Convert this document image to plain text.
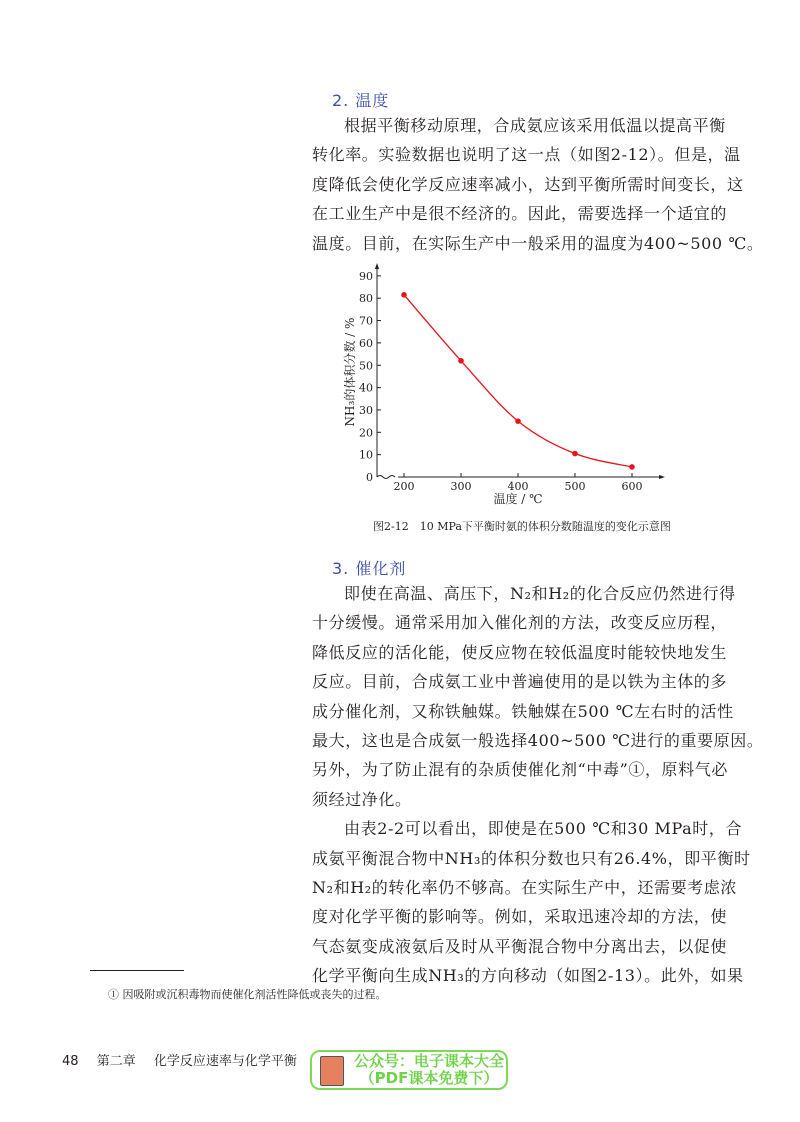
2. 温度

根据平衡移动原理，合成氨应该采用低温以提高平衡

转化率。实验数据也说明了这一点（如图2-12）。但是，温
度降低会使化学反应速率减小，达到平衡所需时间变长，这
在工业生产中是很不经济的。因此，需要选择一个适宜的
温度。目前，在实际生产中一般采用的温度为400~500 ℃。
0
10
20
30
40
50
60
70
80
90
200	300	400	500	600
NH₃的体积分数 / %
温度 / ℃
图2-12　10 MPa下平衡时氨的体积分数随温度的变化示意图
3. 催化剂

即使在高温、高压下，N₂和H₂的化合反应仍然进行得

十分缓慢。通常采用加入催化剂的方法，改变反应历程，
降低反应的活化能，使反应物在较低温度时能较快地发生
反应。目前，合成氨工业中普遍使用的是以铁为主体的多
成分催化剂，又称铁触媒。铁触媒在500 ℃左右时的活性
最大，这也是合成氨一般选择400~500 ℃进行的重要原因。
另外，为了防止混有的杂质使催化剂“中毒”①，原料气必
须经过净化。

由表2-2可以看出，即使是在500 ℃和30 MPa时，合

成氨平衡混合物中NH₃的体积分数也只有26.4%，即平衡时
N₂和H₂的转化率仍不够高。在实际生产中，还需要考虑浓
度对化学平衡的影响等。例如，采取迅速冷却的方法，使
气态氨变成液氨后及时从平衡混合物中分离出去，以促使
化学平衡向生成NH₃的方向移动（如图2-13）。此外，如果
① 因吸附或沉积毒物而使催化剂活性降低或丧失的过程。
48 第二章 化学反应速率与化学平衡	公众号：电子课本大全
（PDF课本免费下）
